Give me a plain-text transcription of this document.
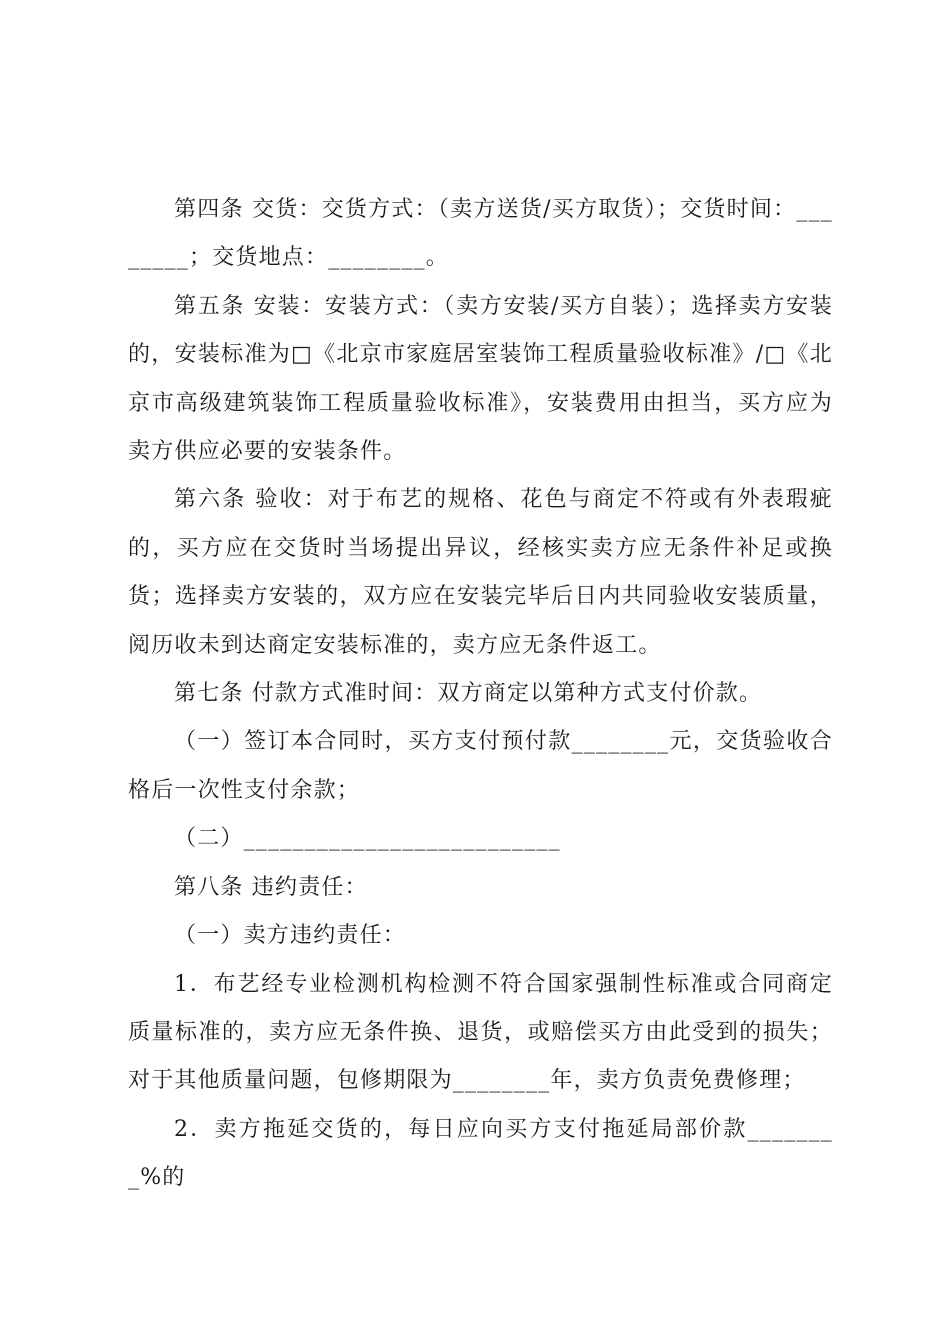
第四条 交货：交货方式：（卖方送货/买方取货）；交货时间：________；交货地点：________。

第五条 安装：安装方式：（卖方安装/买方自装）；选择卖方安装的，安装标准为□《北京市家庭居室装饰工程质量验收标准》/□《北京市高级建筑装饰工程质量验收标准》，安装费用由担当，买方应为卖方供应必要的安装条件。

第六条 验收：对于布艺的规格、花色与商定不符或有外表瑕疵的，买方应在交货时当场提出异议，经核实卖方应无条件补足或换货；选择卖方安装的，双方应在安装完毕后日内共同验收安装质量，阅历收未到达商定安装标准的，卖方应无条件返工。

第七条 付款方式准时间：双方商定以第种方式支付价款。

（一）签订本合同时，买方支付预付款________元，交货验收合格后一次性支付余款；

（二）__________________________

第八条 违约责任：

（一）卖方违约责任：

1．布艺经专业检测机构检测不符合国家强制性标准或合同商定质量标准的，卖方应无条件换、退货，或赔偿买方由此受到的损失；对于其他质量问题，包修期限为________年，卖方负责免费修理；

2．卖方拖延交货的，每日应向买方支付拖延局部价款________%的
